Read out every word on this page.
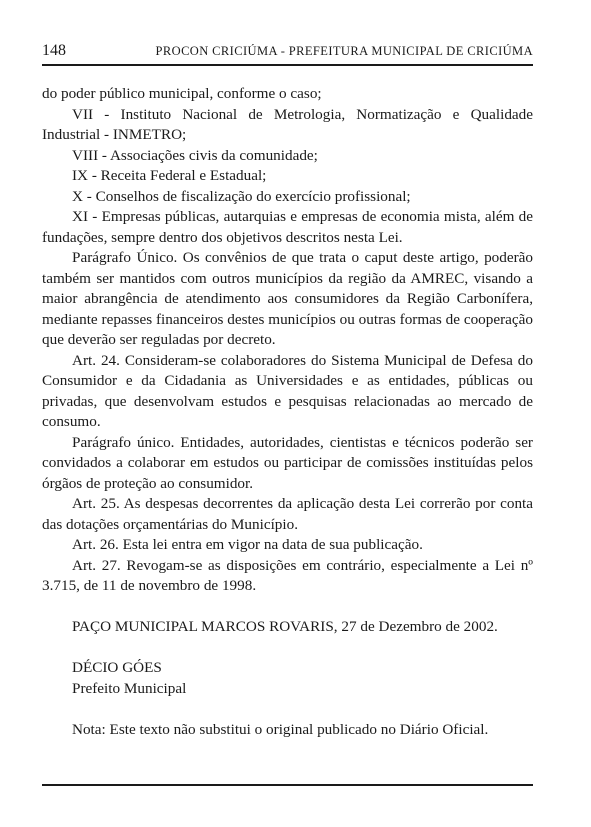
148	PROCON CRICIÚMA - PREFEITURA MUNICIPAL DE CRICIÚMA

do poder público municipal, conforme o caso;

VII - Instituto Nacional de Metrologia, Normatização e Qualidade Industrial - INMETRO;

VIII - Associações civis da comunidade;

IX - Receita Federal e Estadual;

X - Conselhos de fiscalização do exercício profissional;

XI - Empresas públicas, autarquias e empresas de economia mista, além de fundações, sempre dentro dos objetivos descritos nesta Lei.

Parágrafo Único. Os convênios de que trata o caput deste artigo, poderão também ser mantidos com outros municípios da região da AMREC, visando a maior abrangência de atendimento aos consumidores da Região Carbonífera, mediante repasses financeiros destes municípios ou outras formas de cooperação que deverão ser reguladas por decreto.

Art. 24. Consideram-se colaboradores do Sistema Municipal de Defesa do Consumidor e da Cidadania as Universidades e as entidades, públicas ou privadas, que desenvolvam estudos e pesquisas relacionadas ao mercado de consumo.

Parágrafo único. Entidades, autoridades, cientistas e técnicos poderão ser convidados a colaborar em estudos ou participar de comissões instituídas pelos órgãos de proteção ao consumidor.

Art. 25. As despesas decorrentes da aplicação desta Lei correrão por conta das dotações orçamentárias do Município.

Art. 26. Esta lei entra em vigor na data de sua publicação.

Art. 27. Revogam-se as disposições em contrário, especialmente a Lei nº 3.715, de 11 de novembro de 1998.

PAÇO MUNICIPAL MARCOS ROVARIS, 27 de Dezembro de 2002.

DÉCIO GÓES

Prefeito Municipal

Nota: Este texto não substitui o original publicado no Diário Oficial.
